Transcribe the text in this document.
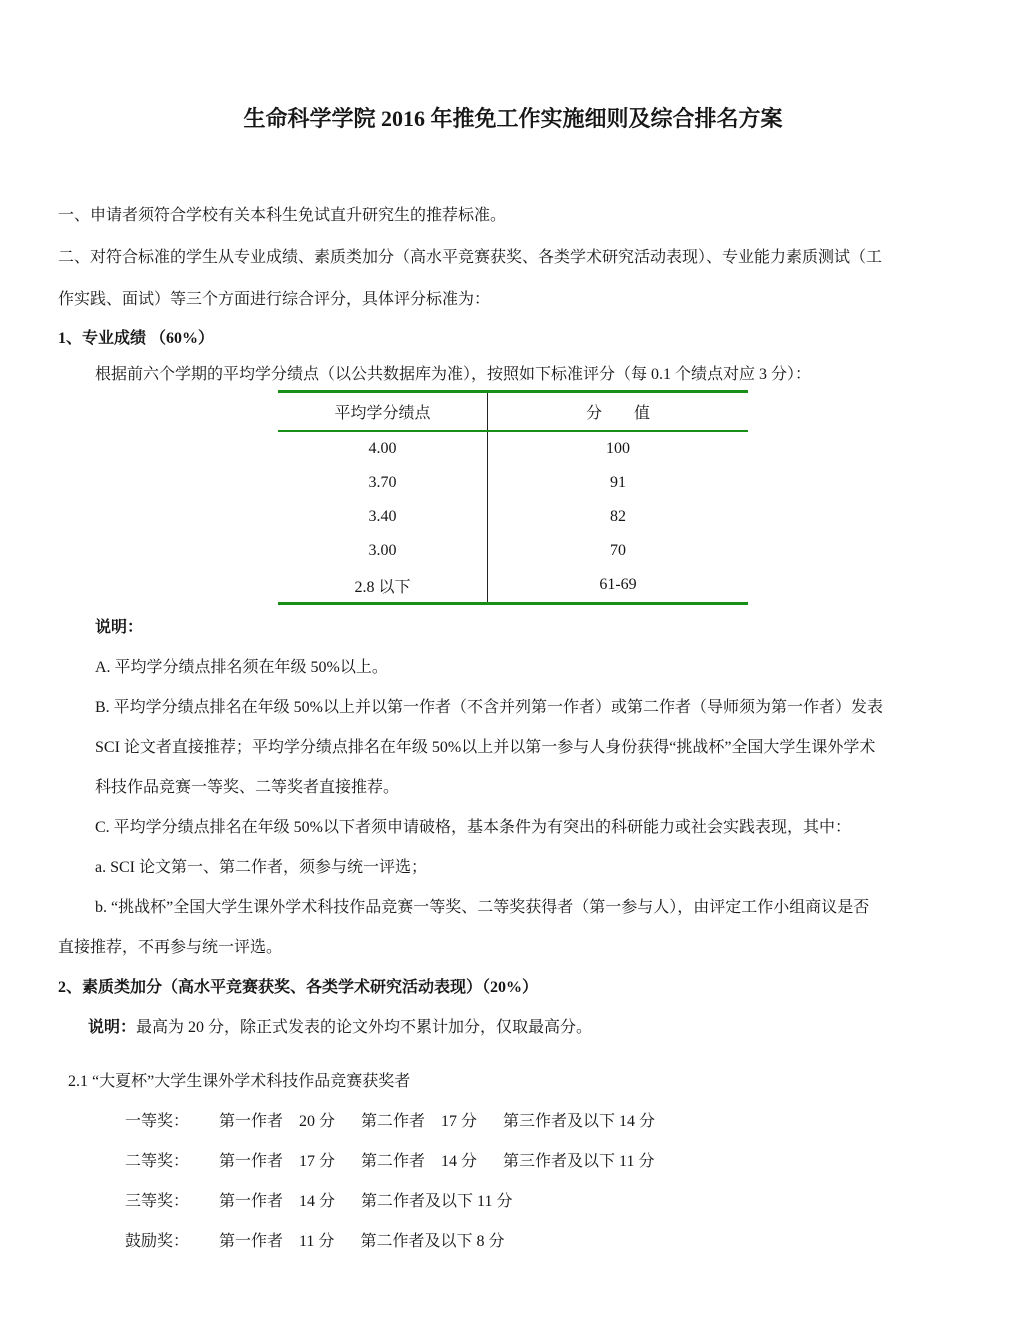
生命科学学院 2016 年推免工作实施细则及综合排名方案
一、申请者须符合学校有关本科生免试直升研究生的推荐标准。
二、对符合标准的学生从专业成绩、素质类加分（高水平竞赛获奖、各类学术研究活动表现）、专业能力素质测试（工
作实践、面试）等三个方面进行综合评分，具体评分标准为：
1、专业成绩 （60%）
根据前六个学期的平均学分绩点（以公共数据库为准），按照如下标准评分（每 0.1 个绩点对应 3 分）：
平均学分绩点	分　　值
4.00	100
3.70	91
3.40	82
3.00	70
2.8 以下	61-69
说明：
A. 平均学分绩点排名须在年级 50%以上。
B. 平均学分绩点排名在年级 50%以上并以第一作者（不含并列第一作者）或第二作者（导师须为第一作者）发表
SCI 论文者直接推荐；平均学分绩点排名在年级 50%以上并以第一参与人身份获得“挑战杯”全国大学生课外学术
科技作品竞赛一等奖、二等奖者直接推荐。
C. 平均学分绩点排名在年级 50%以下者须申请破格，基本条件为有突出的科研能力或社会实践表现，其中：
a. SCI 论文第一、第二作者，须参与统一评选；
b. “挑战杯”全国大学生课外学术科技作品竞赛一等奖、二等奖获得者（第一参与人），由评定工作小组商议是否
直接推荐，不再参与统一评选。
2、素质类加分（高水平竞赛获奖、各类学术研究活动表现）（20%）
说明： 最高为 20 分，除正式发表的论文外均不累计加分，仅取最高分。
2.1 “大夏杯”大学生课外学术科技作品竞赛获奖者
一等奖： 第一作者　20 分 第二作者　17 分 第三作者及以下 14 分
二等奖： 第一作者　17 分 第二作者　14 分 第三作者及以下 11 分
三等奖： 第一作者　14 分 第二作者及以下 11 分
鼓励奖： 第一作者　11 分 第二作者及以下 8 分
